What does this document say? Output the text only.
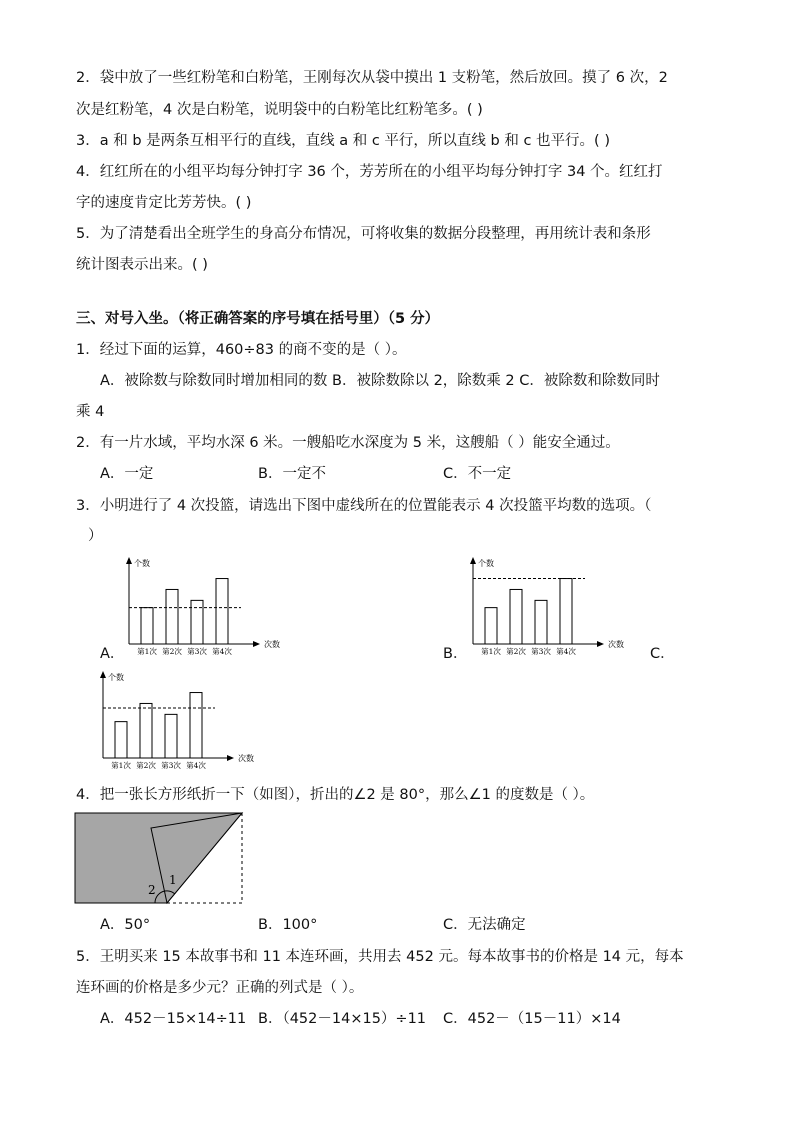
2．袋中放了一些红粉笔和白粉笔，王刚每次从袋中摸出 1 支粉笔，然后放回。摸了 6 次，2
次是红粉笔，4 次是白粉笔，说明袋中的白粉笔比红粉笔多。( )
3．a 和 b 是两条互相平行的直线，直线 a 和 c 平行，所以直线 b 和 c 也平行。( )
4．红红所在的小组平均每分钟打字 36 个，芳芳所在的小组平均每分钟打字 34 个。红红打
字的速度肯定比芳芳快。( )
5．为了清楚看出全班学生的身高分布情况，可将收集的数据分段整理，再用统计表和条形
统计图表示出来。( )
三、对号入坐。（将正确答案的序号填在括号里）（5 分）
1．经过下面的运算，460÷83 的商不变的是（ ）。
A．被除数与除数同时增加相同的数 B．被除数除以 2，除数乘 2 C．被除数和除数同时
乘 4
2．有一片水域，平均水深 6 米。一艘船吃水深度为 5 米，这艘船（ ）能安全通过。
A．一定	B．一定不	C．不一定
3．小明进行了 4 次投篮，请选出下图中虚线所在的位置能表示 4 次投篮平均数的选项。（
）
A．	B．	C．
个数
次数
第1次 第2次 第3次 第4次
个数
次数
第1次 第2次 第3次 第4次
个数
次数
第1次 第2次 第3次 第4次
4．把一张长方形纸折一下（如图），折出的∠2 是 80°，那么∠1 的度数是（ ）。
1
2
A．50°	B．100°	C．无法确定
5．王明买来 15 本故事书和 11 本连环画，共用去 452 元。每本故事书的价格是 14 元，每本
连环画的价格是多少元？正确的列式是（ ）。
A．452－15×14÷11 B．（452－14×15）÷11 C．452－（15－11）×14
